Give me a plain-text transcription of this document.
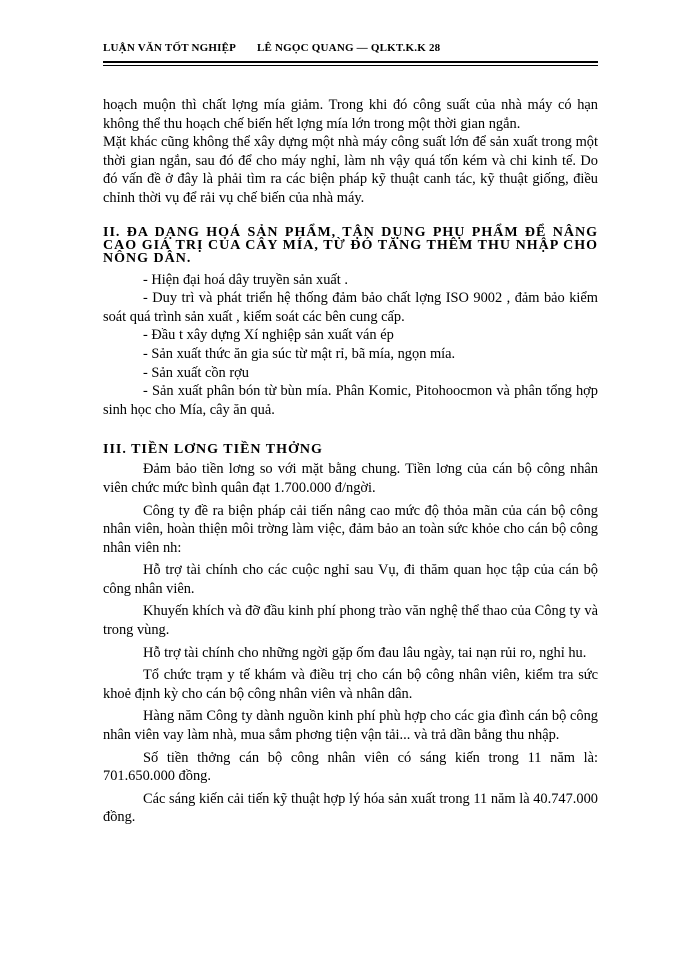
LUẬN VĂN TỐT NGHIỆP LÊ NGỌC QUANG — QLKT.K.K 28

hoạch muộn thì chất lợng mía giảm. Trong khi đó công suất của nhà máy có hạn không thể thu hoạch chế biến hết lợng mía lớn trong một thời gian ngắn.

Mặt khác cũng không thể xây dựng một nhà máy công suất lớn để sản xuất trong một thời gian ngắn, sau đó để cho máy nghỉ, làm nh vậy quá tốn kém và chi kinh tế. Do đó vấn đề ở đây là phải tìm ra các biện pháp kỹ thuật canh tác, kỹ thuật giống, điều chỉnh thời vụ để rải vụ chế biến của nhà máy.

II. ĐA DẠNG HOÁ SẢN PHẨM, TẬN DỤNG PHỤ PHẨM ĐỂ NÂNG CAO GIÁ TRỊ CỦA CÂY MÍA, TỪ ĐÓ TĂNG THÊM THU NHẬP CHO NÔNG DÂN.

- Hiện đại hoá dây truyền sản xuất .

- Duy trì và phát triển hệ thống đảm bảo chất lợng ISO 9002 , đảm bảo kiểm soát quá trình sản xuất , kiểm soát các bên cung cấp.

- Đầu t xây dựng Xí nghiệp sản xuất ván ép

- Sản xuất thức ăn gia súc từ mật rỉ, bã mía, ngọn mía.

- Sản xuất cồn rợu

- Sản xuất phân bón từ bùn mía. Phân Komic, Pitohoocmon và phân tổng hợp sinh học cho Mía, cây ăn quả.

III. TIỀN LƠNG TIỀN THỞNG

Đảm bảo tiền lơng so với mặt bằng chung. Tiền lơng của cán bộ công nhân viên chức mức bình quân đạt 1.700.000 đ/ngời.

Công ty đề ra biện pháp cải tiến nâng cao mức độ thỏa mãn của cán bộ công nhân viên, hoàn thiện môi trờng làm việc, đảm bảo an toàn sức khỏe cho cán bộ công nhân viên nh:

Hỗ trợ tài chính cho các cuộc nghỉ sau Vụ, đi thăm quan học tập của cán bộ công nhân viên.

Khuyến khích và đỡ đầu kinh phí phong trào văn nghệ thể thao của Công ty và trong vùng.

Hỗ trợ tài chính cho những ngời gặp ốm đau lâu ngày, tai nạn rủi ro, nghỉ hu.

Tổ chức trạm y tế khám và điều trị cho cán bộ công nhân viên, kiểm tra sức khoẻ định kỳ cho cán bộ công nhân viên và nhân dân.

Hàng năm Công ty dành nguồn kinh phí phù hợp cho các gia đình cán bộ công nhân viên vay làm nhà, mua sắm phơng tiện vận tải... và trả dần bằng thu nhập.

Số tiền thởng cán bộ công nhân viên có sáng kiến trong 11 năm là: 701.650.000 đồng.

Các sáng kiến cải tiến kỹ thuật hợp lý hóa sản xuất trong 11 năm là 40.747.000 đồng.
